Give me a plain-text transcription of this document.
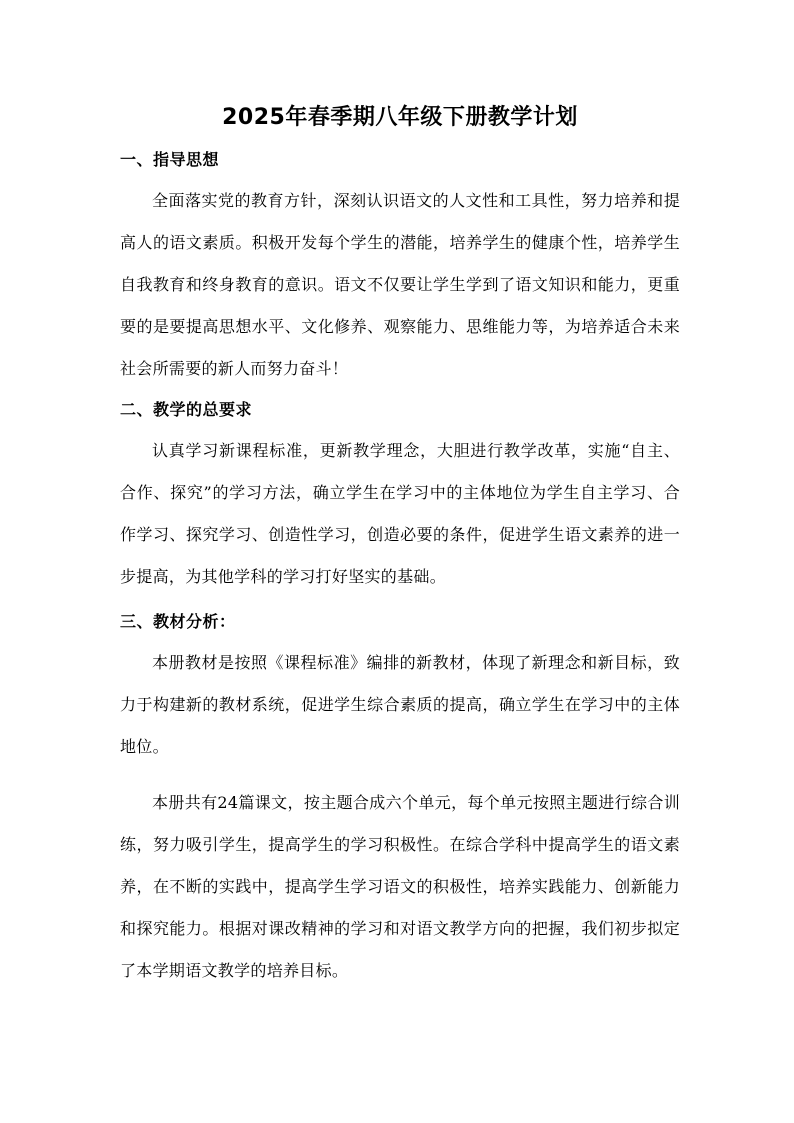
2025年春季期八年级下册教学计划
一、指导思想

全面落实党的教育方针，深刻认识语文的人文性和工具性，努力培养和提高人的语文素质。积极开发每个学生的潜能，培养学生的健康个性，培养学生自我教育和终身教育的意识。语文不仅要让学生学到了语文知识和能力，更重要的是要提高思想水平、文化修养、观察能力、思维能力等，为培养适合未来社会所需要的新人而努力奋斗！

二、教学的总要求

认真学习新课程标准，更新教学理念，大胆进行教学改革，实施“自主、合作、探究”的学习方法，确立学生在学习中的主体地位为学生自主学习、合作学习、探究学习、创造性学习，创造必要的条件，促进学生语文素养的进一步提高，为其他学科的学习打好坚实的基础。

三、教材分析：

本册教材是按照《课程标准》编排的新教材，体现了新理念和新目标，致力于构建新的教材系统，促进学生综合素质的提高，确立学生在学习中的主体地位。

本册共有24篇课文，按主题合成六个单元，每个单元按照主题进行综合训练，努力吸引学生，提高学生的学习积极性。在综合学科中提高学生的语文素养，在不断的实践中，提高学生学习语文的积极性，培养实践能力、创新能力和探究能力。根据对课改精神的学习和对语文教学方向的把握，我们初步拟定了本学期语文教学的培养目标。
